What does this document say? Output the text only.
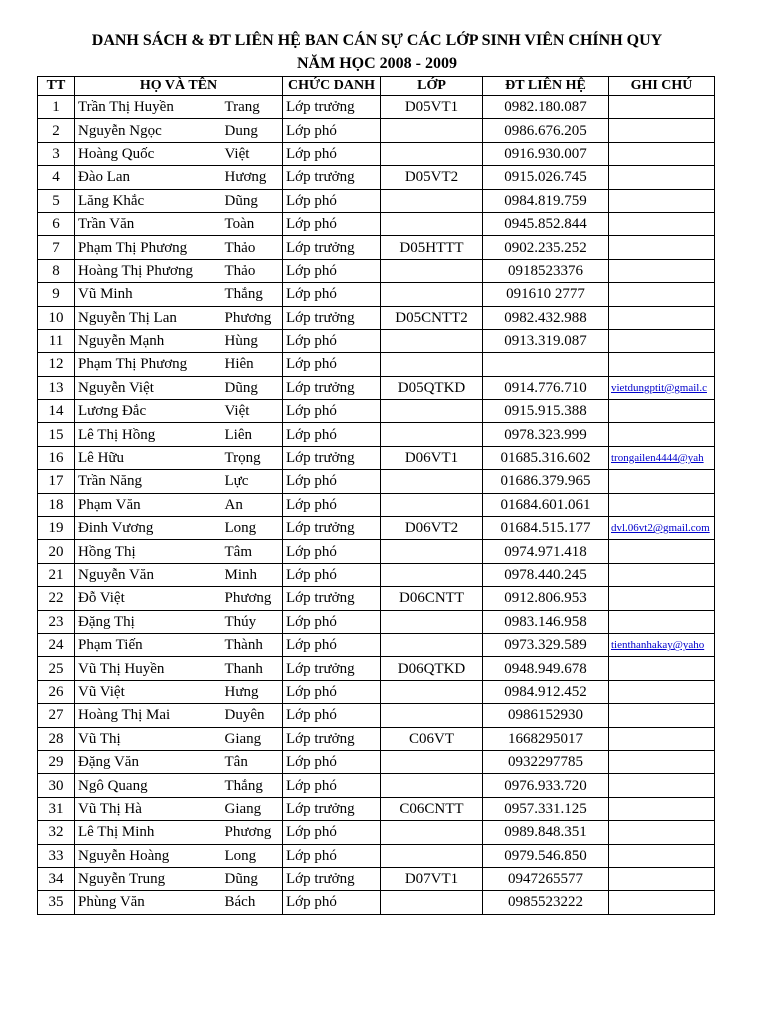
DANH SÁCH & ĐT LIÊN HỆ BAN CÁN SỰ CÁC LỚP SINH VIÊN CHÍNH QUY
NĂM HỌC 2008 - 2009
TT	HỌ VÀ TÊN		CHỨC DANH	LỚP	ĐT LIÊN HỆ	GHI CHÚ
1	Trần Thị Huyền	Trang	Lớp trưởng	D05VT1	0982.180.087	
2	Nguyễn Ngọc	Dung	Lớp phó		0986.676.205	
3	Hoàng Quốc	Việt	Lớp phó		0916.930.007	
4	Đào Lan	Hương	Lớp trưởng	D05VT2	0915.026.745	
5	Lăng Khắc	Dũng	Lớp phó		0984.819.759	
6	Trần Văn	Toàn	Lớp phó		0945.852.844	
7	Phạm Thị Phương	Thảo	Lớp trưởng	D05HTTT	0902.235.252	
8	Hoàng Thị Phương	Thảo	Lớp phó		0918523376	
9	Vũ Minh	Thắng	Lớp phó		091610 2777	
10	Nguyễn Thị Lan	Phương	Lớp trưởng	D05CNTT2	0982.432.988	
11	Nguyễn Mạnh	Hùng	Lớp phó		0913.319.087	
12	Phạm Thị Phương	Hiên	Lớp phó			
13	Nguyễn Việt	Dũng	Lớp trưởng	D05QTKD	0914.776.710	vietdungptit@gmail.c
14	Lương Đắc	Việt	Lớp phó		0915.915.388	
15	Lê Thị Hồng	Liên	Lớp phó		0978.323.999	
16	Lê Hữu	Trọng	Lớp trưởng	D06VT1	01685.316.602	trongailen4444@yah
17	Trần Năng	Lực	Lớp phó		01686.379.965	
18	Phạm Văn	An	Lớp phó		01684.601.061	
19	Đinh Vương	Long	Lớp trưởng	D06VT2	01684.515.177	dvl.06vt2@gmail.com
20	Hồng Thị	Tâm	Lớp phó		0974.971.418	
21	Nguyễn Văn	Minh	Lớp phó		0978.440.245	
22	Đỗ Việt	Phương	Lớp trưởng	D06CNTT	0912.806.953	
23	Đặng Thị	Thúy	Lớp phó		0983.146.958	
24	Phạm Tiến	Thành	Lớp phó		0973.329.589	tienthanhakay@yaho
25	Vũ Thị Huyền	Thanh	Lớp trưởng	D06QTKD	0948.949.678	
26	Vũ Việt	Hưng	Lớp phó		0984.912.452	
27	Hoàng Thị Mai	Duyên	Lớp phó		0986152930	
28	Vũ Thị	Giang	Lớp trưởng	C06VT	1668295017	
29	Đặng Văn	Tân	Lớp phó		0932297785	
30	Ngô Quang	Thắng	Lớp phó		0976.933.720	
31	Vũ Thị Hà	Giang	Lớp trưởng	C06CNTT	0957.331.125	
32	Lê Thị Minh	Phương	Lớp phó		0989.848.351	
33	Nguyễn Hoàng	Long	Lớp phó		0979.546.850	
34	Nguyễn Trung	Dũng	Lớp trưởng	D07VT1	0947265577	
35	Phùng Văn	Bách	Lớp phó		0985523222	
